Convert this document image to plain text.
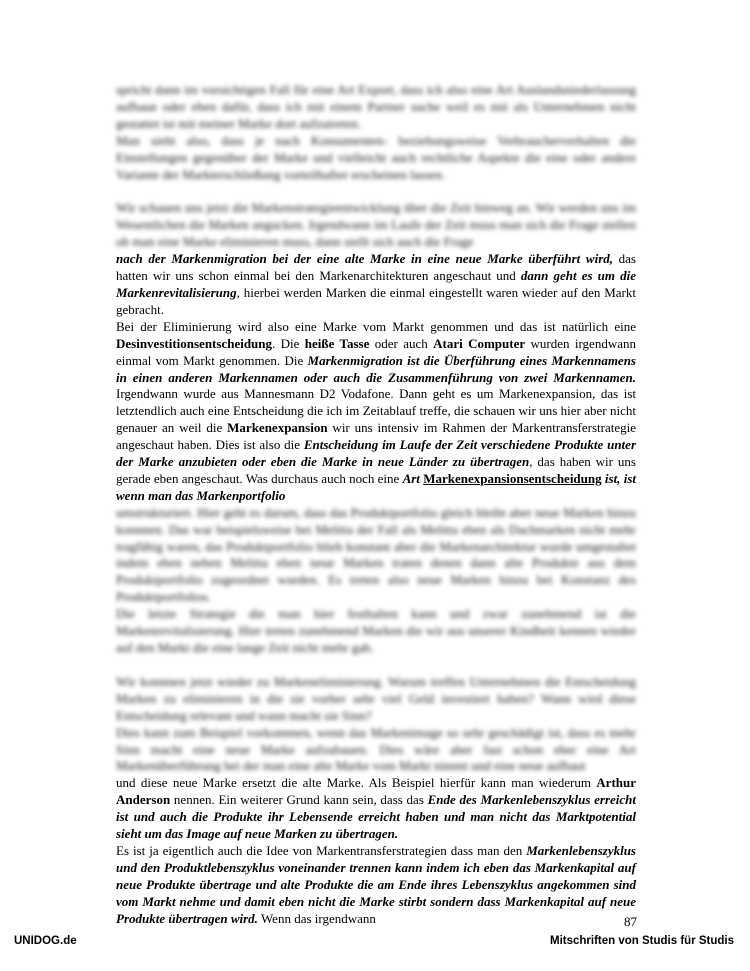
spricht dann im vorsichtigen Fall für eine Art Export, dass ich also eine Art Auslandsniederlassung aufbaue oder eben dafür, dass ich mit einem Partner suche weil es mit als Unternehmen nicht gestattet ist mit meiner Marke dort aufzutreten.

Man sieht also, dass je nach Konsumenten- beziehungsweise Verbraucherverhalten die Einstellungen gegenüber der Marke und vielleicht auch rechtliche Aspekte die eine oder andere Variante der Markterschließung vorteilhafter erscheinen lassen.

Wir schauen uns jetzt die Markenstrategieentwicklung über die Zeit hinweg an. Wir werden uns im Wesentlichen die Marken angucken. Irgendwann im Laufe der Zeit muss man sich die Frage stellen ob man eine Marke eliminieren muss, dann stellt sich auch die Frage

nach der Markenmigration bei der eine alte Marke in eine neue Marke überführt wird, das hatten wir uns schon einmal bei den Markenarchitekturen angeschaut und dann geht es um die Markenrevitalisierung, hierbei werden Marken die einmal eingestellt waren wieder auf den Markt gebracht.

Bei der Eliminierung wird also eine Marke vom Markt genommen und das ist natürlich eine Desinvestitionsentscheidung. Die heiße Tasse oder auch Atari Computer wurden irgendwann einmal vom Markt genommen. Die Markenmigration ist die Überführung eines Markennamens in einen anderen Markennamen oder auch die Zusammenführung von zwei Markennamen. Irgendwann wurde aus Mannesmann D2 Vodafone. Dann geht es um Markenexpansion, das ist letztendlich auch eine Entscheidung die ich im Zeitablauf treffe, die schauen wir uns hier aber nicht genauer an weil die Markenexpansion wir uns intensiv im Rahmen der Markentransferstrategie angeschaut haben. Dies ist also die Entscheidung im Laufe der Zeit verschiedene Produkte unter der Marke anzubieten oder eben die Marke in neue Länder zu übertragen, das haben wir uns gerade eben angeschaut. Was durchaus auch noch eine Art Markenexpansionsentscheidung ist, ist wenn man das Markenportfolio

umstrukturiert. Hier geht es darum, dass das Produktportfolio gleich bleibt aber neue Marken hinzu kommen. Das war beispielsweise bei Melitta der Fall als Melitta eben als Dachmarken nicht mehr tragfähig waren, das Produktportfolio blieb konstant aber die Markenarchitektur wurde umgestaltet indem eben neben Melitta eben neue Marken traten denen dann alte Produkte aus dem Produktportfolio zugeordnet wurden. Es treten also neue Marken hinzu bei Konstanz des Produktportfolios.

Die letzte Strategie die man hier festhalten kann und zwar zunehmend ist die Markenrevitalisierung. Hier treten zunehmend Marken die wir aus unserer Kindheit kennen wieder auf den Markt die eine lange Zeit nicht mehr gab.

Wir kommen jetzt wieder zu Markeneliminierung. Warum treffen Unternehmen die Entscheidung Marken zu eliminieren in die sie vorher sehr viel Geld investiert haben? Wann wird diese Entscheidung relevant und wann macht sie Sinn?

Dies kann zum Beispiel vorkommen, wenn das Markenimage so sehr geschädigt ist, dass es mehr Sinn macht eine neue Marke aufzubauen. Dies wäre aber fast schon eher eine Art Markenüberführung bei der man eine alte Marke vom Markt nimmt und eine neue aufbaut

und diese neue Marke ersetzt die alte Marke. Als Beispiel hierfür kann man wiederum Arthur Anderson nennen. Ein weiterer Grund kann sein, dass das Ende des Markenlebenszyklus erreicht ist und auch die Produkte ihr Lebensende erreicht haben und man nicht das Marktpotential sieht um das Image auf neue Marken zu übertragen.

Es ist ja eigentlich auch die Idee von Markentransferstrategien dass man den Markenlebenszyklus und den Produktlebenszyklus voneinander trennen kann indem ich eben das Markenkapital auf neue Produkte übertrage und alte Produkte die am Ende ihres Lebenszyklus angekommen sind vom Markt nehme und damit eben nicht die Marke stirbt sondern dass Markenkapital auf neue Produkte übertragen wird. Wenn das irgendwann	87
UNIDOG.de	Mitschriften von Studis für Studis
